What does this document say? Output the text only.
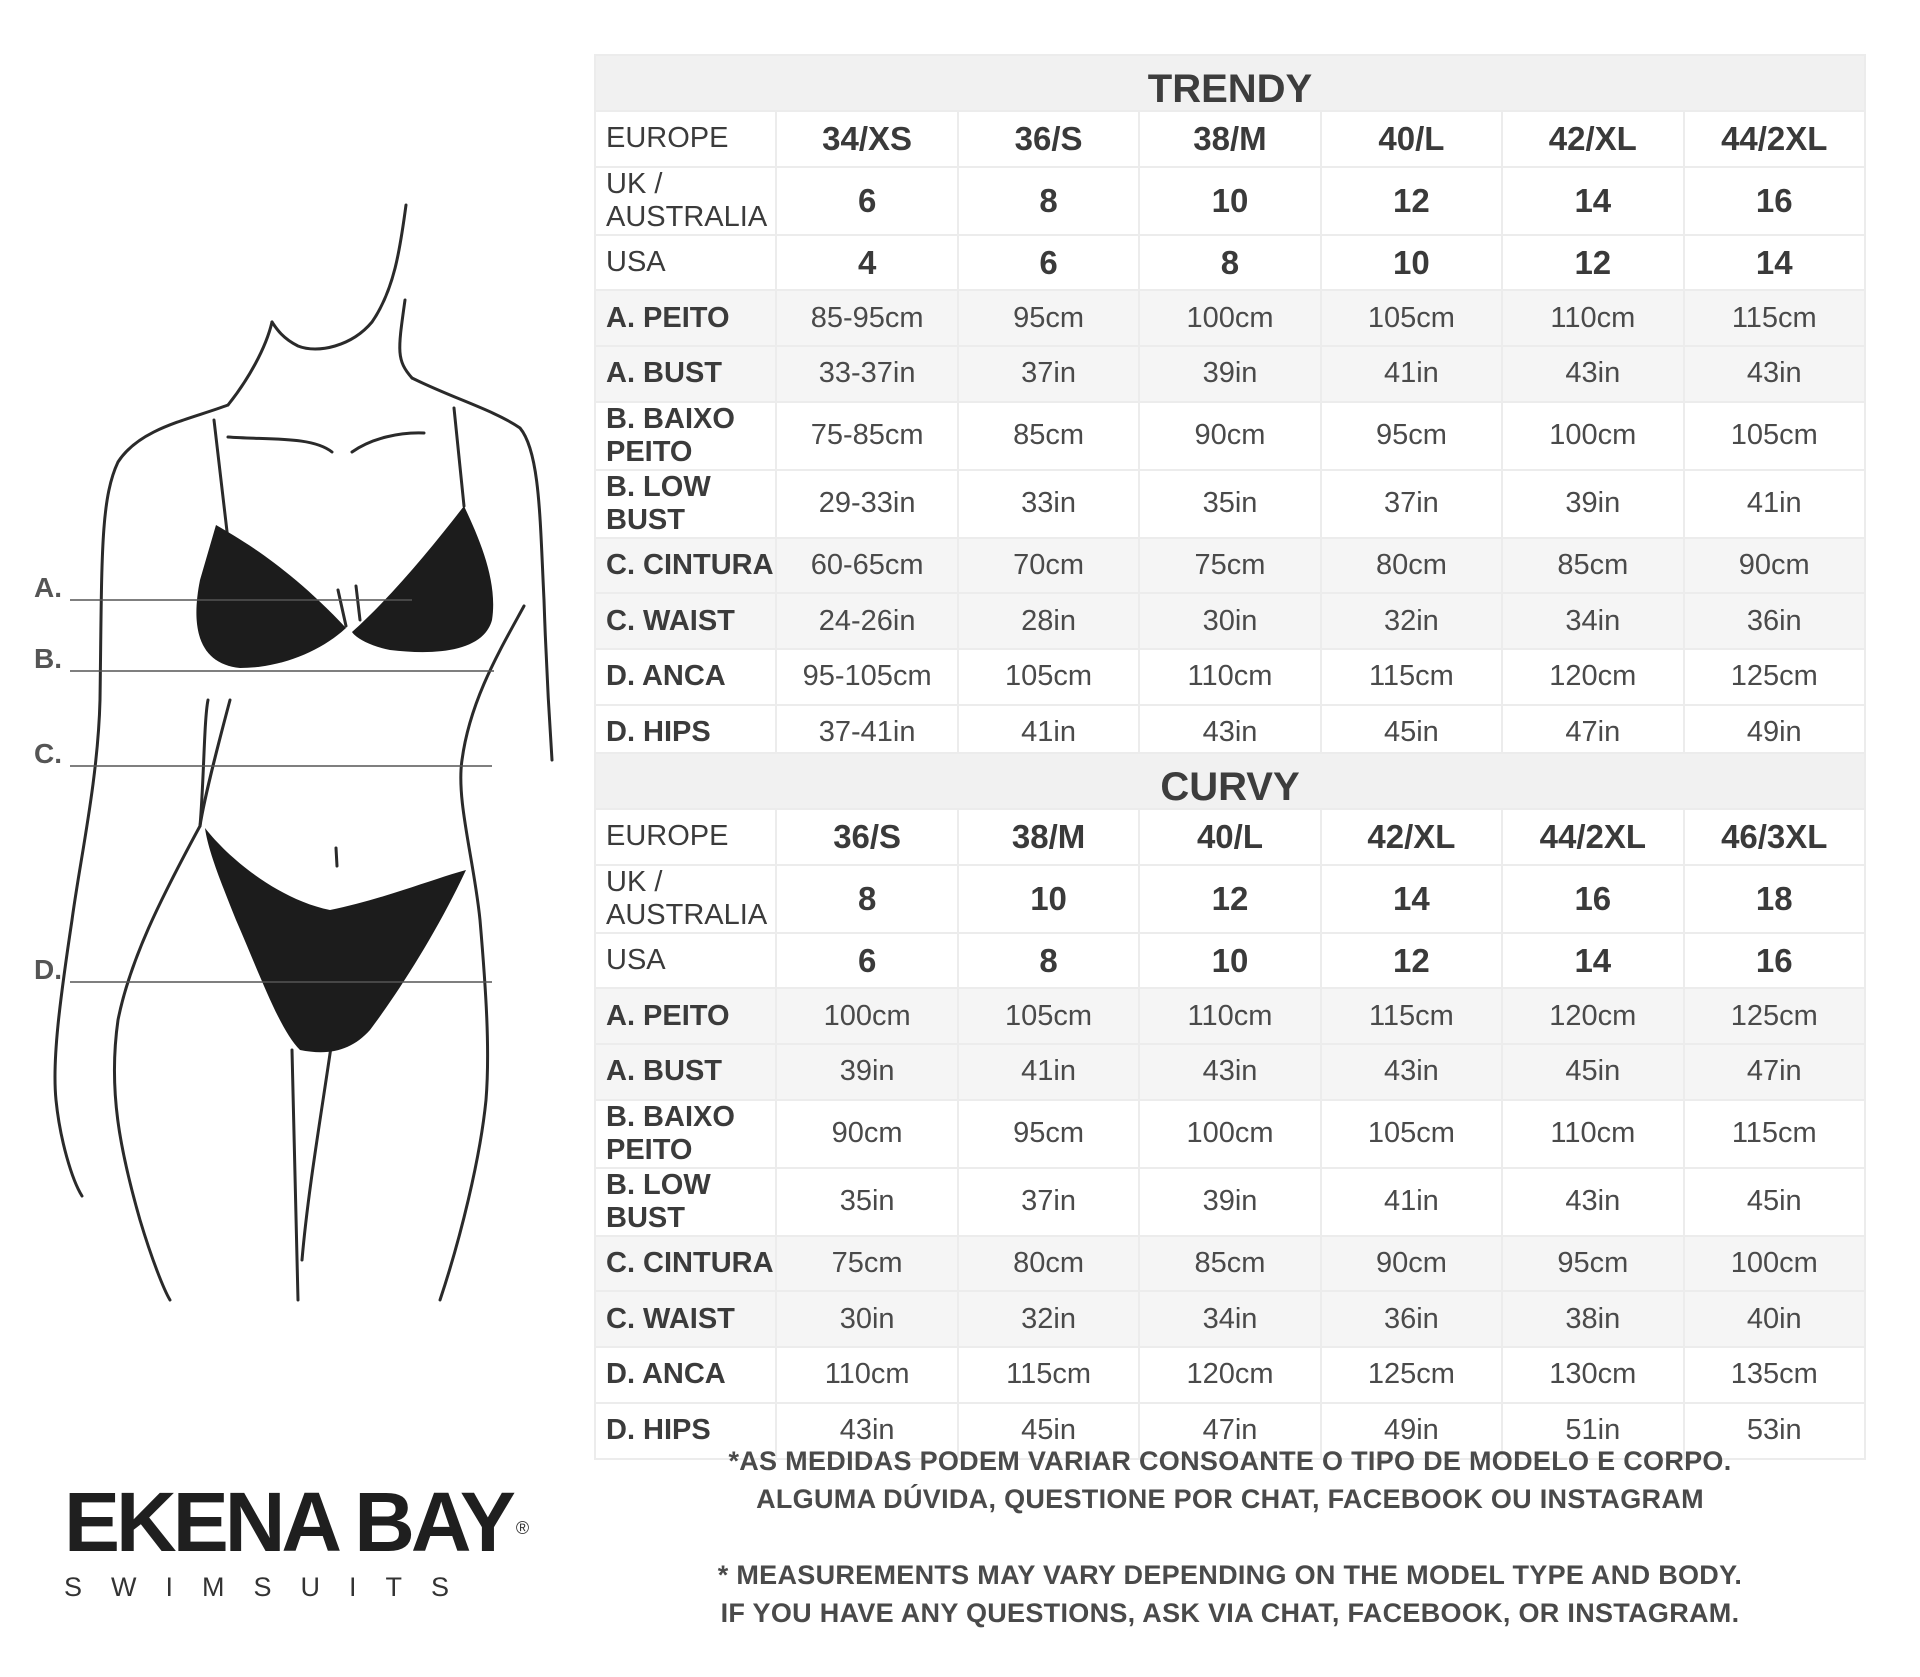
A.
B.
C.
D.
TRENDY						
EUROPE	34/XS	36/S	38/M	40/L	42/XL	44/2XL
UK / AUSTRALIA	6	8	10	12	14	16
USA	4	6	8	10	12	14
A. PEITO	85-95cm	95cm	100cm	105cm	110cm	115cm
A. BUST	33-37in	37in	39in	41in	43in	43in
B. BAIXO PEITO	75-85cm	85cm	90cm	95cm	100cm	105cm
B. LOW BUST	29-33in	33in	35in	37in	39in	41in
C. CINTURA	60-65cm	70cm	75cm	80cm	85cm	90cm
C. WAIST	24-26in	28in	30in	32in	34in	36in
D. ANCA	95-105cm	105cm	110cm	115cm	120cm	125cm
D. HIPS	37-41in	41in	43in	45in	47in	49in
CURVY						
EUROPE	36/S	38/M	40/L	42/XL	44/2XL	46/3XL
UK / AUSTRALIA	8	10	12	14	16	18
USA	6	8	10	12	14	16
A. PEITO	100cm	105cm	110cm	115cm	120cm	125cm
A. BUST	39in	41in	43in	43in	45in	47in
B. BAIXO PEITO	90cm	95cm	100cm	105cm	110cm	115cm
B. LOW BUST	35in	37in	39in	41in	43in	45in
C. CINTURA	75cm	80cm	85cm	90cm	95cm	100cm
C. WAIST	30in	32in	34in	36in	38in	40in
D. ANCA	110cm	115cm	120cm	125cm	130cm	135cm
D. HIPS	43in	45in	47in	49in	51in	53in
*AS MEDIDAS PODEM VARIAR CONSOANTE O TIPO DE MODELO E CORPO.
ALGUMA DÚVIDA, QUESTIONE POR CHAT, FACEBOOK OU INSTAGRAM
* MEASUREMENTS MAY VARY DEPENDING ON THE MODEL TYPE AND BODY.
IF YOU HAVE ANY QUESTIONS, ASK VIA CHAT, FACEBOOK, OR INSTAGRAM.
EKENA BAY ®
SWIMSUITS
